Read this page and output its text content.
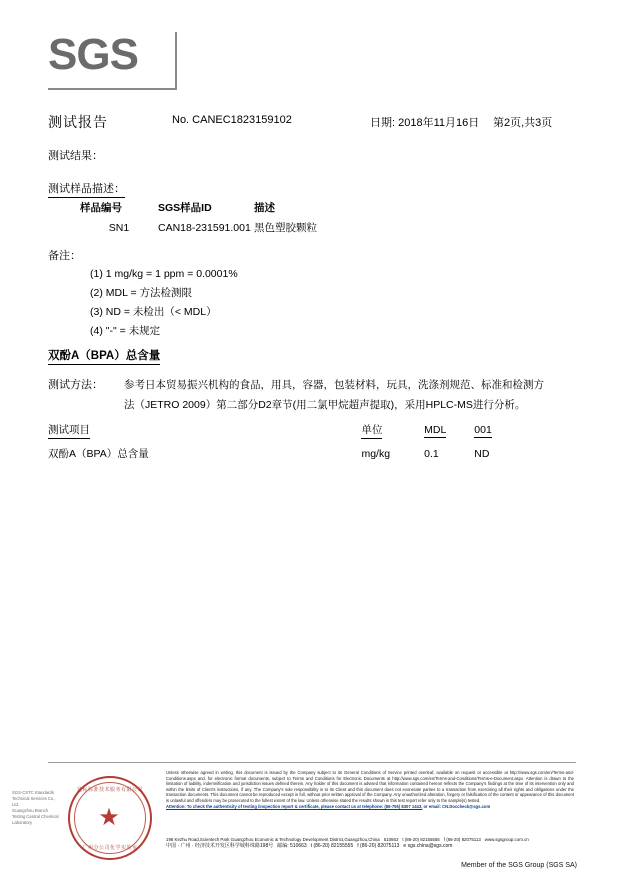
SGS
测试报告	No. CANEC1823159102	日期: 2018年11月16日 第2页,共3页
测试结果：
测试样品描述：
样品编号	SGS样品ID	描述
SN1	CAN18-231591.001	黑色塑胶颗粒
备注：
(1) 1 mg/kg = 1 ppm = 0.0001%
(2) MDL = 方法检测限
(3) ND = 未检出（< MDL）
(4) "-" = 未规定
双酚A（BPA）总含量
测试方法： 参考日本贸易振兴机构的食品，用具，容器，包装材料，玩具，洗涤剂规范、标准和检测方
法（JETRO 2009）第二部分D2章节(用二氯甲烷超声提取)，采用HPLC-MS进行分析。
测试项目	单位	MDL	001
双酚A（BPA）总含量	mg/kg	0.1	ND
SGS-CSTC Standards Technical Services Co., Ltd.
Guangzhou Branch Testing Central Chemical Laboratory
通标标准技术服务有限公司
★
广州分公司化学实验室
Unless otherwise agreed in writing, this document is issued by the Company subject to its General Conditions of Service printed overleaf, available on request or accessible at http://www.sgs.com/en/Terms-and-Conditions.aspx and, for electronic format documents, subject to Terms and Conditions for Electronic Documents at http://www.sgs.com/en/Terms-and-Conditions/Terms-e-Document.aspx. Attention is drawn to the limitation of liability, indemnification and jurisdiction issues defined therein. Any holder of this document is advised that information contained hereon reflects the Company's findings at the time of its intervention only and within the limits of Client's instructions, if any. The Company's sole responsibility is to its Client and this document does not exonerate parties to a transaction from exercising all their rights and obligations under the transaction documents. This document cannot be reproduced except in full, without prior written approval of the Company. Any unauthorized alteration, forgery or falsification of the content or appearance of this document is unlawful and offenders may be prosecuted to the fullest extent of the law. Unless otherwise stated the results shown in this test report refer only to the sample(s) tested.
Attention: To check the authenticity of testing /inspection report & certificate, please contact us at telephone: (86-755) 8307 1443, or email: CN.Doccheck@sgs.com
198 Kezhu Road,Scientech Park Guangzhou Economic & Technology Development District,Guangzhou,China 510663 t (86-20) 82155555 f (86-20) 82075113 www.sgsgroup.com.cn
中国 · 广州 · 经济技术开发区科学城科珠路198号 邮编: 510663 t (86-20) 82155555 f (86-20) 82075113 e sgs.china@sgs.com
Member of the SGS Group (SGS SA)
